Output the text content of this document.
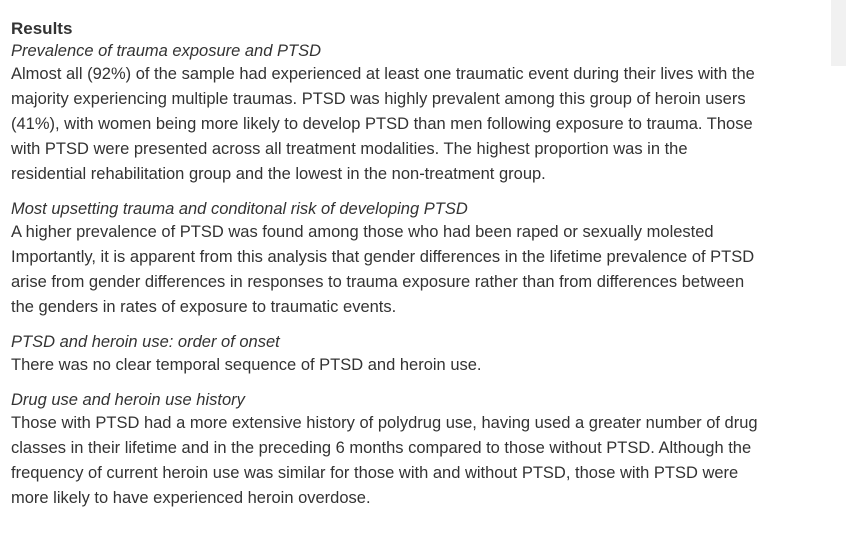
Results
Prevalence of trauma exposure and PTSD
Almost all (92%) of the sample had experienced at least one traumatic event during their lives with the
majority experiencing multiple traumas. PTSD was highly prevalent among this group of heroin users
(41%), with women being more likely to develop PTSD than men following exposure to trauma. Those
with PTSD were presented across all treatment modalities. The highest proportion was in the
residential rehabilitation group and the lowest in the non-treatment group.
Most upsetting trauma and conditonal risk of developing PTSD
A higher prevalence of PTSD was found among those who had been raped or sexually molested
Importantly, it is apparent from this analysis that gender differences in the lifetime prevalence of PTSD
arise from gender differences in responses to trauma exposure rather than from differences between
the genders in rates of exposure to traumatic events.
PTSD and heroin use: order of onset
There was no clear temporal sequence of PTSD and heroin use.
Drug use and heroin use history
Those with PTSD had a more extensive history of polydrug use, having used a greater number of drug
classes in their lifetime and in the preceding 6 months compared to those without PTSD. Although the
frequency of current heroin use was similar for those with and without PTSD, those with PTSD were
more likely to have experienced heroin overdose.
